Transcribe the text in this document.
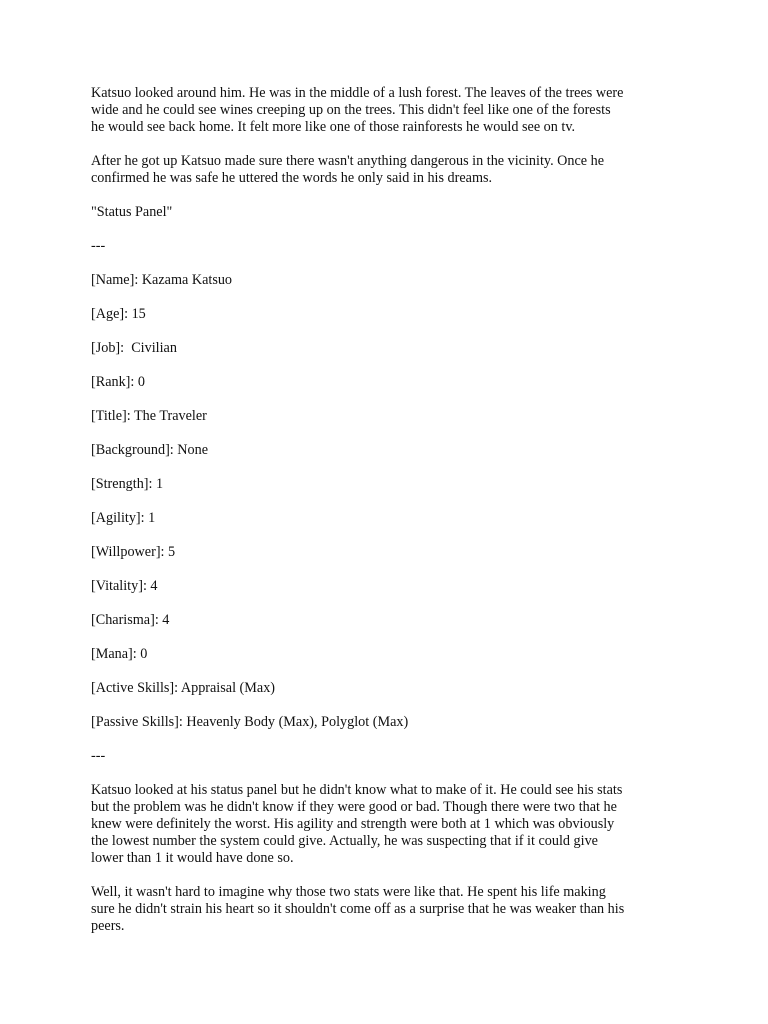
Katsuo looked around him. He was in the middle of a lush forest. The leaves of the trees were
wide and he could see wines creeping up on the trees. This didn't feel like one of the forests
he would see back home. It felt more like one of those rainforests he would see on tv.

After he got up Katsuo made sure there wasn't anything dangerous in the vicinity. Once he
confirmed he was safe he uttered the words he only said in his dreams.

"Status Panel"

---

[Name]: Kazama Katsuo

[Age]: 15

[Job]:  Civilian

[Rank]: 0

[Title]: The Traveler

[Background]: None

[Strength]: 1

[Agility]: 1

[Willpower]: 5

[Vitality]: 4

[Charisma]: 4

[Mana]: 0

[Active Skills]: Appraisal (Max)

[Passive Skills]: Heavenly Body (Max), Polyglot (Max)

---

Katsuo looked at his status panel but he didn't know what to make of it. He could see his stats
but the problem was he didn't know if they were good or bad. Though there were two that he
knew were definitely the worst. His agility and strength were both at 1 which was obviously
the lowest number the system could give. Actually, he was suspecting that if it could give
lower than 1 it would have done so.

Well, it wasn't hard to imagine why those two stats were like that. He spent his life making
sure he didn't strain his heart so it shouldn't come off as a surprise that he was weaker than his
peers.
